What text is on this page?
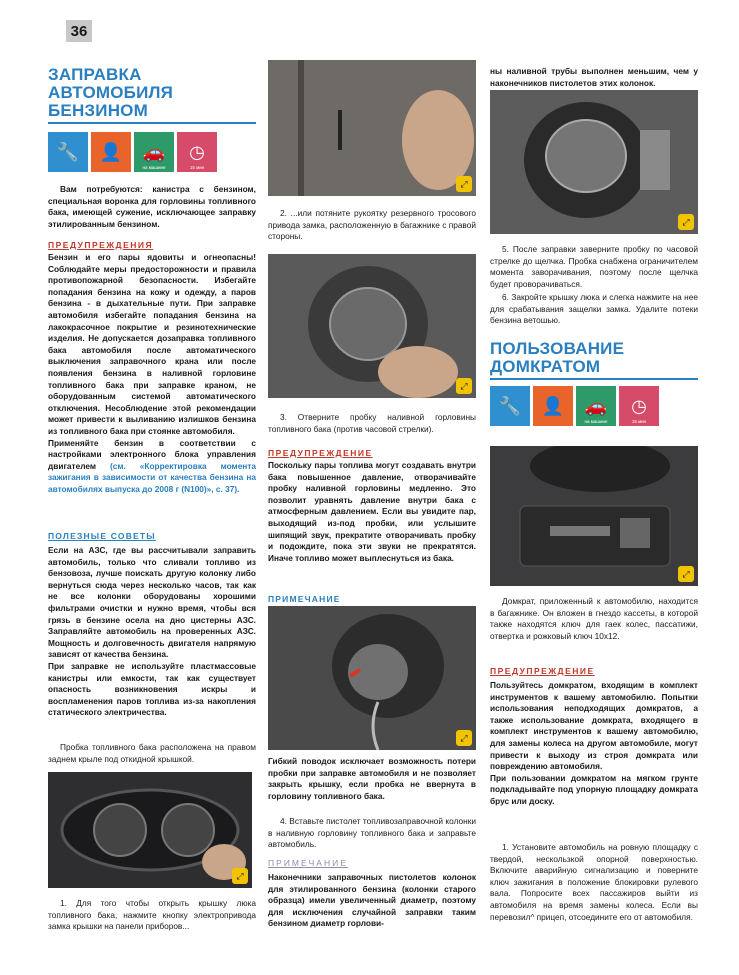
36
ЗАПРАВКА
АВТОМОБИЛЯ
БЕНЗИНОМ
🔧	👤	🚗
на машине
◷
15 мин
Вам потребуются: канистра с бензином, специальная воронка для горловины топливного бака, имеющей сужение, исключающее заправку этилированным бензином.
ПРЕДУПРЕЖДЕНИЯ

Бензин и его пары ядовиты и огнеопасны! Соблюдайте меры предосторожности и правила противопожарной безопасности. Избегайте попадания бензина на кожу и одежду, а паров бензина - в дыхательные пути. При заправке автомобиля избегайте попадания бензина на лакокрасочное покрытие и резинотехнические изделия. Не допускается дозаправка топливного бака автомобиля после автоматического выключения заправочного крана или после появления бензина в наливной горловине топливного бака при заправке краном, не оборудованным системой автоматического отключения. Несоблюдение этой рекомендации может привести к выливанию излишков бензина из топливного бака при стоянке автомобиля.

Применяйте бензин в соответствии с настройками электронного блока управления двигателем (см. «Корректировка момента зажигания в зависимости от качества бензина на автомобилях выпуска до 2008 г (N100)», с. 37).

ПОЛЕЗНЫЕ СОВЕТЫ

Если на АЗС, где вы рассчитывали заправить автомобиль, только что сливали топливо из бензовоза, лучше поискать другую колонку либо вернуться сюда через несколько часов, так как не все колонки оборудованы хорошими фильтрами очистки и нужно время, чтобы вся грязь в бензине осела на дно цистерны АЗС. Заправляйте автомобиль на проверенных АЗС. Мощность и долговечность двигателя напрямую зависят от качества бензина.

При заправке не используйте пластмассовые канистры или емкости, так как существует опасность возникновения искры и воспламенения паров топлива из-за накопления статического электричества.

Пробка топливного бака расположена на правом заднем крыле под откидной крышкой.
⤢
1. Для того чтобы открыть крышку люка топливного бака, нажмите кнопку электропривода замка крышки на панели приборов...
⤢
2. ...или потяните рукоятку резервного тросового привода замка, расположенную в багажнике с правой стороны.
⤢
3. Отверните пробку наливной горловины топливного бака (против часовой стрелки).
ПРЕДУПРЕЖДЕНИЕ
Поскольку пары топлива могут создавать внутри бака повышенное давление, отворачивайте пробку наливной горловины медленно. Это позволит уравнять давление внутри бака с атмосферным давлением. Если вы увидите пар, выходящий из-под пробки, или услышите шипящий звук, прекратите отворачивать пробку и подождите, пока эти звуки не прекратятся. Иначе топливо может выплеснуться из бака.
ПРИМЕЧАНИЕ
⤢
Гибкий поводок исключает возможность потери пробки при заправке автомобиля и не позволяет закрыть крышку, если пробка не ввернута в горловину топливного бака.
4. Вставьте пистолет топливозаправочной колонки в наливную горловину топливного бака и заправьте автомобиль.
ПРИМЕЧАНИЕ
Наконечники заправочных пистолетов колонок для этилированного бензина (колонки старого образца) имели увеличенный диаметр, поэтому для исключения случайной заправки таким бензином диаметр горлови-
ны наливной трубы выполнен меньшим, чем у наконечников пистолетов этих колонок.
⤢
5. После заправки заверните пробку по часовой стрелке до щелчка. Пробка снабжена ограничителем момента заворачивания, поэтому после щелчка будет проворачиваться.
6. Закройте крышку люка и слегка нажмите на нее для срабатывания защелки замка. Удалите потеки бензина ветошью.
ПОЛЬЗОВАНИЕ
ДОМКРАТОМ
🔧	👤	🚗
на машине
◷
15 мин
⤢
Домкрат, приложенный к автомобилю, находится в багажнике. Он вложен в гнездо кассеты, в которой также находятся ключ для гаек колес, пассатижи, отвертка и рожковый ключ 10x12.
ПРЕДУПРЕЖДЕНИЕ

Пользуйтесь домкратом, входящим в комплект инструментов к вашему автомобилю. Попытки использования неподходящих домкратов, а также использование домкрата, входящего в комплект инструментов к вашему автомобилю, для замены колеса на другом автомобиле, могут привести к выходу из строя домкрата или повреждению автомобиля.

При пользовании домкратом на мягком грунте подкладывайте под упорную площадку домкрата брус или доску.

1. Установите автомобиль на ровную площадку с твердой, нескользкой опорной поверхностью. Включите аварийную сигнализацию и поверните ключ зажигания в положение блокировки рулевого вала. Попросите всех пассажиров выйти из автомобиля на время замены колеса. Если вы перевозил^ прицеп, отсоедините его от автомобиля.
